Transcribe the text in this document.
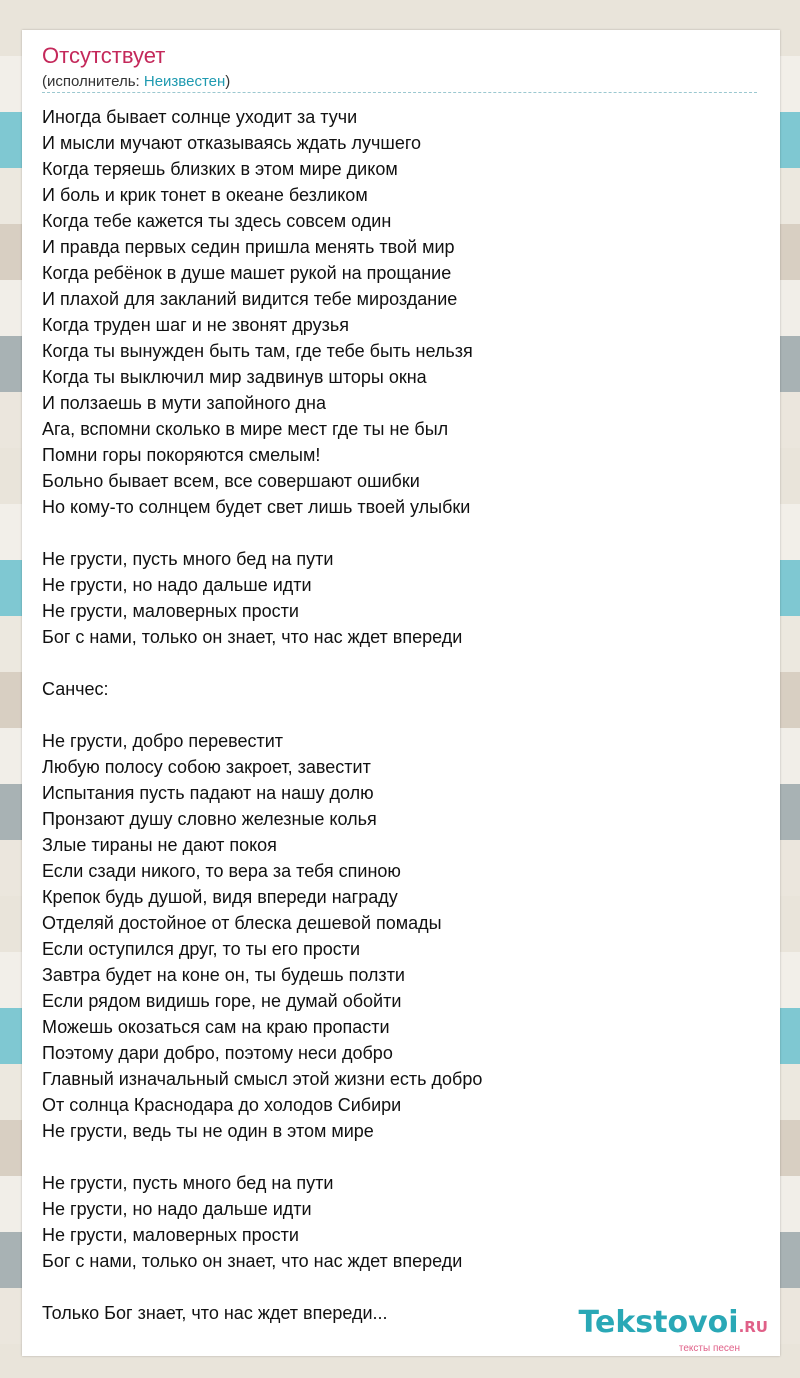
Отсутствует
(исполнитель: Неизвестен)
Иногда бывает солнце уходит за тучи
И мысли мучают отказываясь ждать лучшего
Когда теряешь близких в этом мире диком
И боль и крик тонет в океане безликом
Когда тебе кажется ты здесь совсем один
И правда первых седин пришла менять твой мир
Когда ребёнок в душе машет рукой на прощание
И плахой для закланий видится тебе мироздание
Когда труден шаг и не звонят друзья
Когда ты вынужден быть там, где тебе быть нельзя
Когда ты выключил мир задвинув шторы окна
И ползаешь в мути запойного дна
Ага, вспомни сколько в мире мест где ты не был
Помни горы покоряются смелым!
Больно бывает всем, все совершают ошибки
Но кому-то солнцем будет свет лишь твоей улыбки
Не грусти, пусть много бед на пути
Не грусти, но надо дальше идти
Не грусти, маловерных прости
Бог с нами, только он знает, что нас ждет впереди
Санчес:
Не грусти, добро перевестит
Любую полосу собою закроет, завестит
Испытания пусть падают на нашу долю
Пронзают душу словно железные колья
Злые тираны не дают покоя
Если сзади никого, то вера за тебя спиною
Крепок будь душой, видя впереди награду
Отделяй достойное от блеска дешевой помады
Если оступился друг, то ты его прости
Завтра будет на коне он, ты будешь ползти
Если рядом видишь горе, не думай обойти
Можешь окозаться сам на краю пропасти
Поэтому дари добро, поэтому неси добро
Главный изначальный смысл этой жизни есть добро
От солнца Краснодара до холодов Сибири
Не грусти, ведь ты не один в этом мире
Не грусти, пусть много бед на пути
Не грусти, но надо дальше идти
Не грусти, маловерных прости
Бог с нами, только он знает, что нас ждет впереди
Только Бог знает, что нас ждет впереди...	Tekstovoi.RU
тексты песен
